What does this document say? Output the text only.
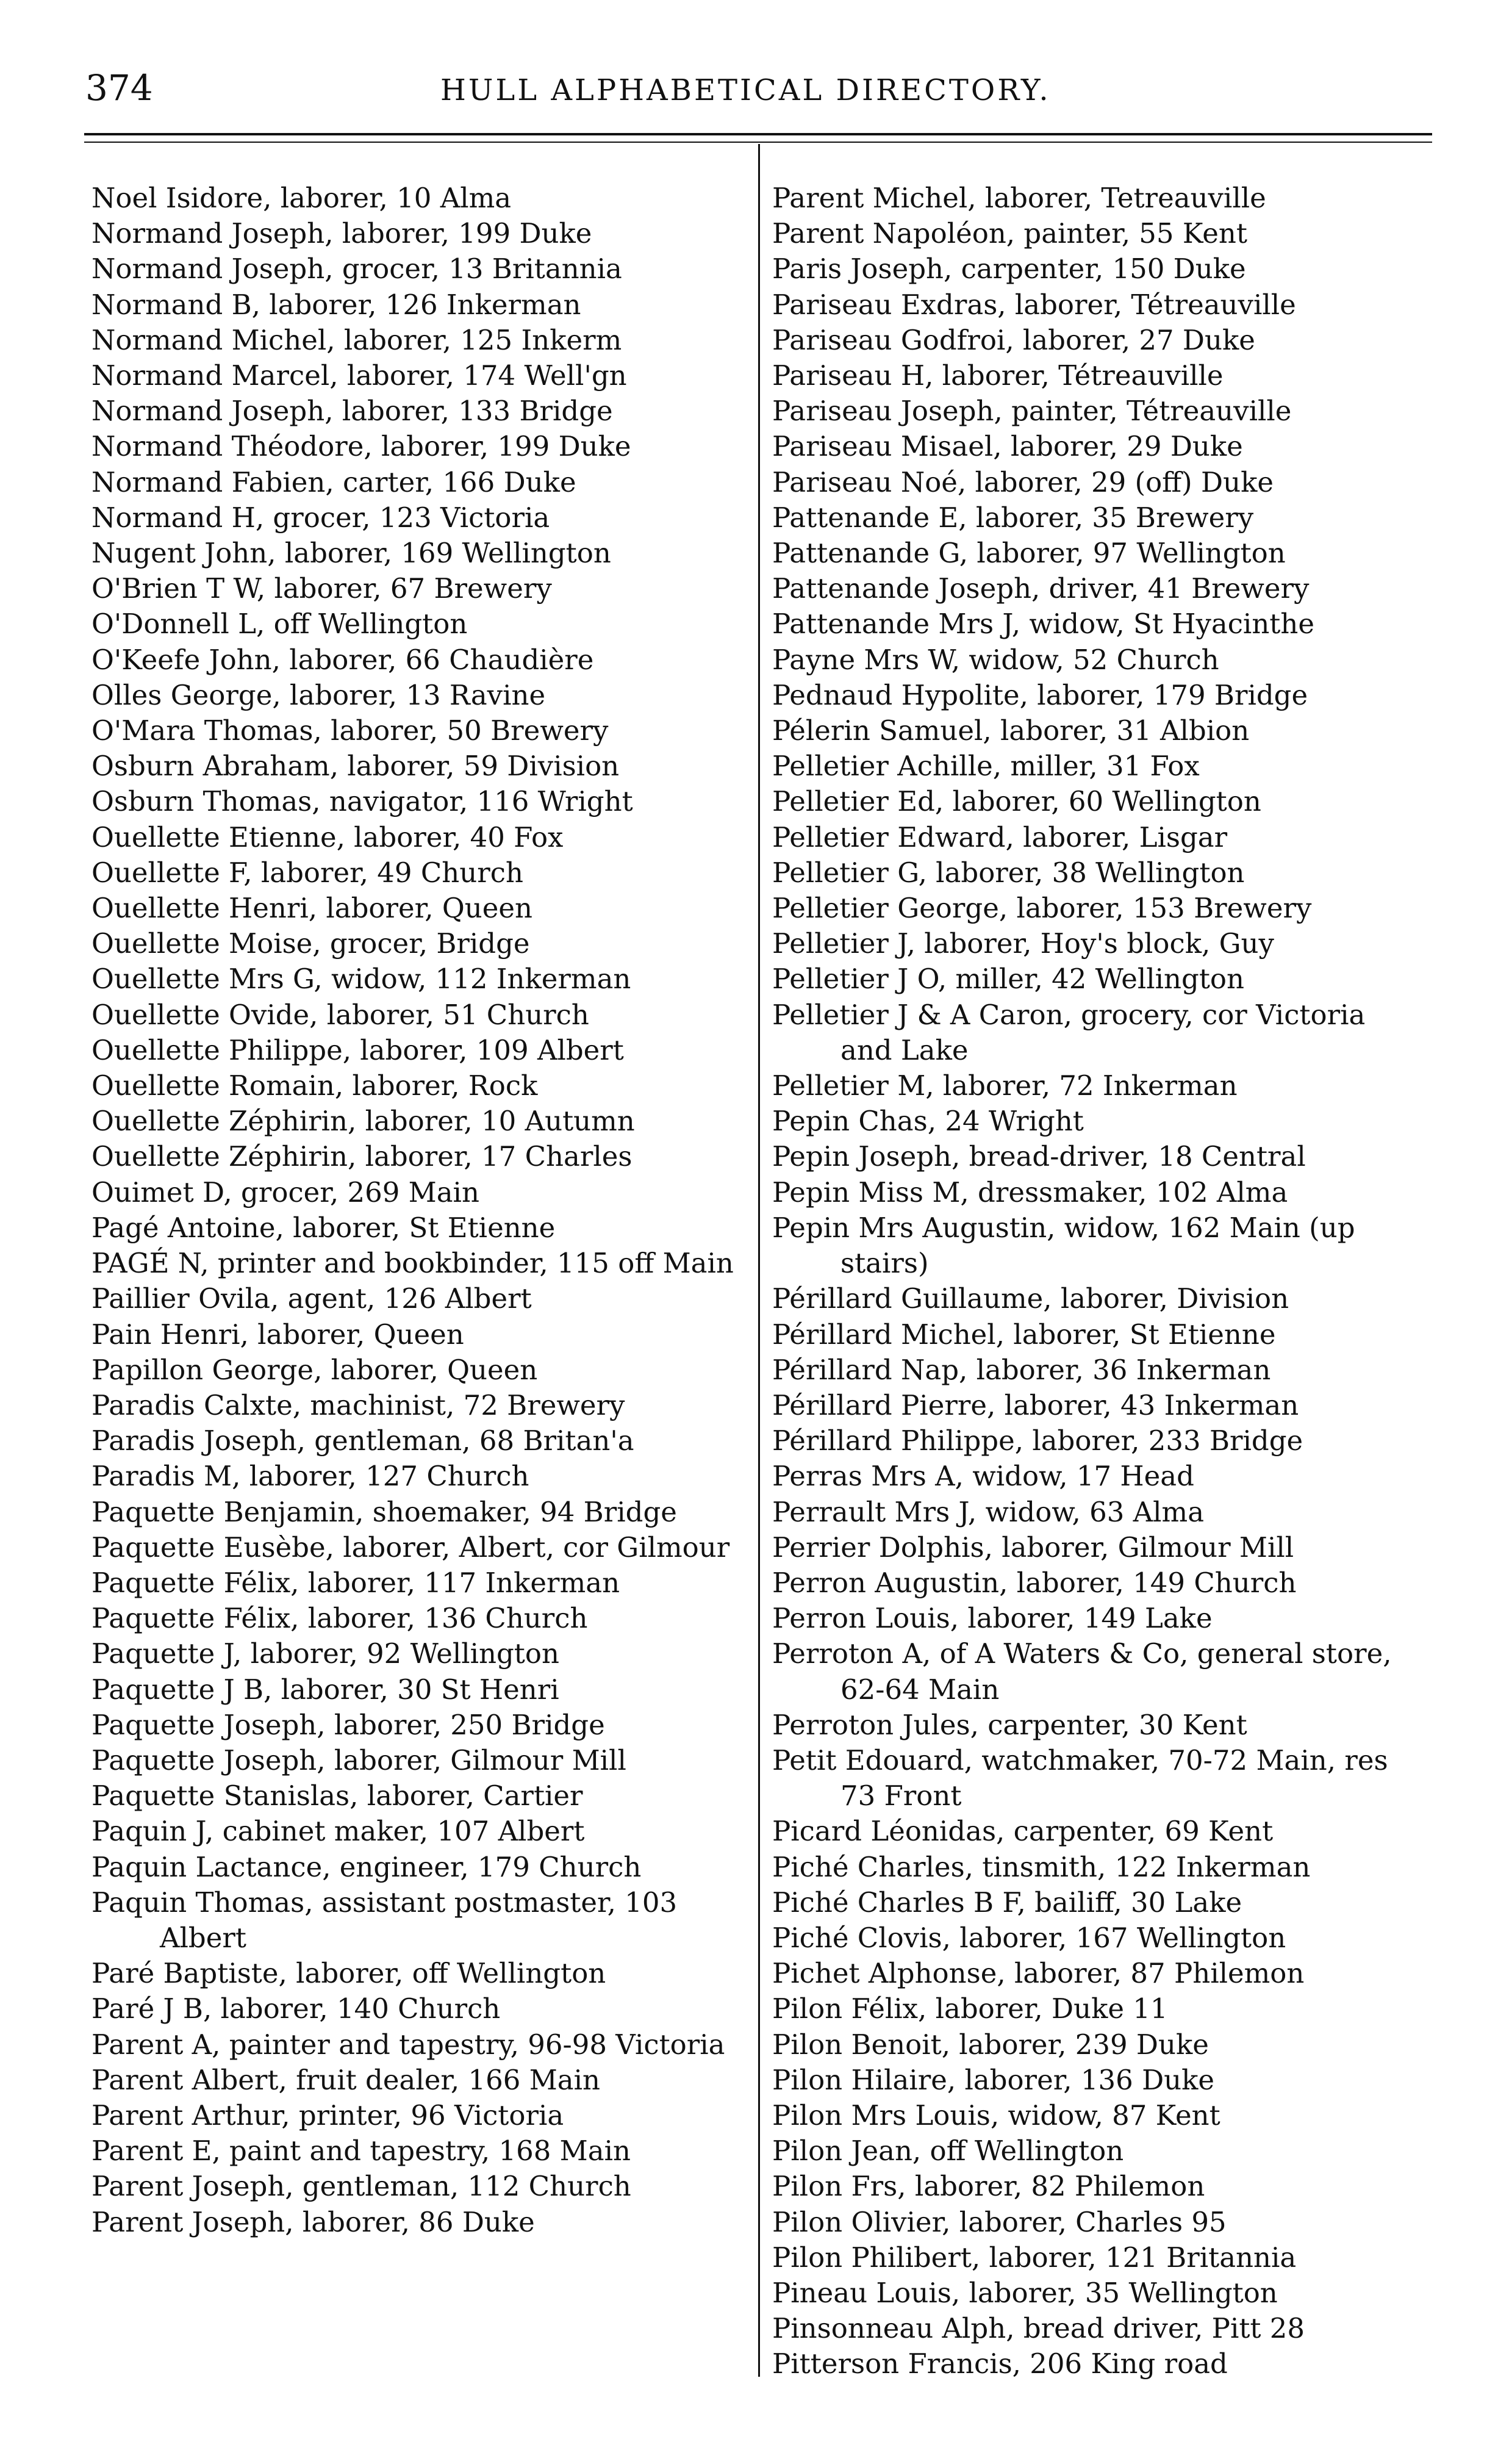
374	HULL ALPHABETICAL DIRECTORY.
Noel Isidore, laborer, 10 Alma
Normand Joseph, laborer, 199 Duke
Normand Joseph, grocer, 13 Britannia
Normand B, laborer, 126 Inkerman
Normand Michel, laborer, 125 Inkerm
Normand Marcel, laborer, 174 Well'gn
Normand Joseph, laborer, 133 Bridge
Normand Théodore, laborer, 199 Duke
Normand Fabien, carter, 166 Duke
Normand H, grocer, 123 Victoria
Nugent John, laborer, 169 Wellington
O'Brien T W, laborer, 67 Brewery
O'Donnell L, off Wellington
O'Keefe John, laborer, 66 Chaudière
Olles George, laborer, 13 Ravine
O'Mara Thomas, laborer, 50 Brewery
Osburn Abraham, laborer, 59 Division
Osburn Thomas, navigator, 116 Wright
Ouellette Etienne, laborer, 40 Fox
Ouellette F, laborer, 49 Church
Ouellette Henri, laborer, Queen
Ouellette Moise, grocer, Bridge
Ouellette Mrs G, widow, 112 Inkerman
Ouellette Ovide, laborer, 51 Church
Ouellette Philippe, laborer, 109 Albert
Ouellette Romain, laborer, Rock
Ouellette Zéphirin, laborer, 10 Autumn
Ouellette Zéphirin, laborer, 17 Charles
Ouimet D, grocer, 269 Main
Pagé Antoine, laborer, St Etienne
PAGÉ N, printer and bookbinder, 115 off Main
Paillier Ovila, agent, 126 Albert
Pain Henri, laborer, Queen
Papillon George, laborer, Queen
Paradis Calxte, machinist, 72 Brewery
Paradis Joseph, gentleman, 68 Britan'a
Paradis M, laborer, 127 Church
Paquette Benjamin, shoemaker, 94 Bridge
Paquette Eusèbe, laborer, Albert, cor Gilmour
Paquette Félix, laborer, 117 Inkerman
Paquette Félix, laborer, 136 Church
Paquette J, laborer, 92 Wellington
Paquette J B, laborer, 30 St Henri
Paquette Joseph, laborer, 250 Bridge
Paquette Joseph, laborer, Gilmour Mill
Paquette Stanislas, laborer, Cartier
Paquin J, cabinet maker, 107 Albert
Paquin Lactance, engineer, 179 Church
Paquin Thomas, assistant postmaster, 103 Albert
Paré Baptiste, laborer, off Wellington
Paré J B, laborer, 140 Church
Parent A, painter and tapestry, 96-98 Victoria
Parent Albert, fruit dealer, 166 Main
Parent Arthur, printer, 96 Victoria
Parent E, paint and tapestry, 168 Main
Parent Joseph, gentleman, 112 Church
Parent Joseph, laborer, 86 Duke
Parent Michel, laborer, Tetreauville
Parent Napoléon, painter, 55 Kent
Paris Joseph, carpenter, 150 Duke
Pariseau Exdras, laborer, Tétreauville
Pariseau Godfroi, laborer, 27 Duke
Pariseau H, laborer, Tétreauville
Pariseau Joseph, painter, Tétreauville
Pariseau Misael, laborer, 29 Duke
Pariseau Noé, laborer, 29 (off) Duke
Pattenande E, laborer, 35 Brewery
Pattenande G, laborer, 97 Wellington
Pattenande Joseph, driver, 41 Brewery
Pattenande Mrs J, widow, St Hyacinthe
Payne Mrs W, widow, 52 Church
Pednaud Hypolite, laborer, 179 Bridge
Pélerin Samuel, laborer, 31 Albion
Pelletier Achille, miller, 31 Fox
Pelletier Ed, laborer, 60 Wellington
Pelletier Edward, laborer, Lisgar
Pelletier G, laborer, 38 Wellington
Pelletier George, laborer, 153 Brewery
Pelletier J, laborer, Hoy's block, Guy
Pelletier J O, miller, 42 Wellington
Pelletier J & A Caron, grocery, cor Victoria and Lake
Pelletier M, laborer, 72 Inkerman
Pepin Chas, 24 Wright
Pepin Joseph, bread-driver, 18 Central
Pepin Miss M, dressmaker, 102 Alma
Pepin Mrs Augustin, widow, 162 Main (up stairs)
Périllard Guillaume, laborer, Division
Périllard Michel, laborer, St Etienne
Périllard Nap, laborer, 36 Inkerman
Périllard Pierre, laborer, 43 Inkerman
Périllard Philippe, laborer, 233 Bridge
Perras Mrs A, widow, 17 Head
Perrault Mrs J, widow, 63 Alma
Perrier Dolphis, laborer, Gilmour Mill
Perron Augustin, laborer, 149 Church
Perron Louis, laborer, 149 Lake
Perroton A, of A Waters & Co, general store, 62-64 Main
Perroton Jules, carpenter, 30 Kent
Petit Edouard, watchmaker, 70-72 Main, res 73 Front
Picard Léonidas, carpenter, 69 Kent
Piché Charles, tinsmith, 122 Inkerman
Piché Charles B F, bailiff, 30 Lake
Piché Clovis, laborer, 167 Wellington
Pichet Alphonse, laborer, 87 Philemon
Pilon Félix, laborer, Duke 11
Pilon Benoit, laborer, 239 Duke
Pilon Hilaire, laborer, 136 Duke
Pilon Mrs Louis, widow, 87 Kent
Pilon Jean, off Wellington
Pilon Frs, laborer, 82 Philemon
Pilon Olivier, laborer, Charles 95
Pilon Philibert, laborer, 121 Britannia
Pineau Louis, laborer, 35 Wellington
Pinsonneau Alph, bread driver, Pitt 28
Pitterson Francis, 206 King road
